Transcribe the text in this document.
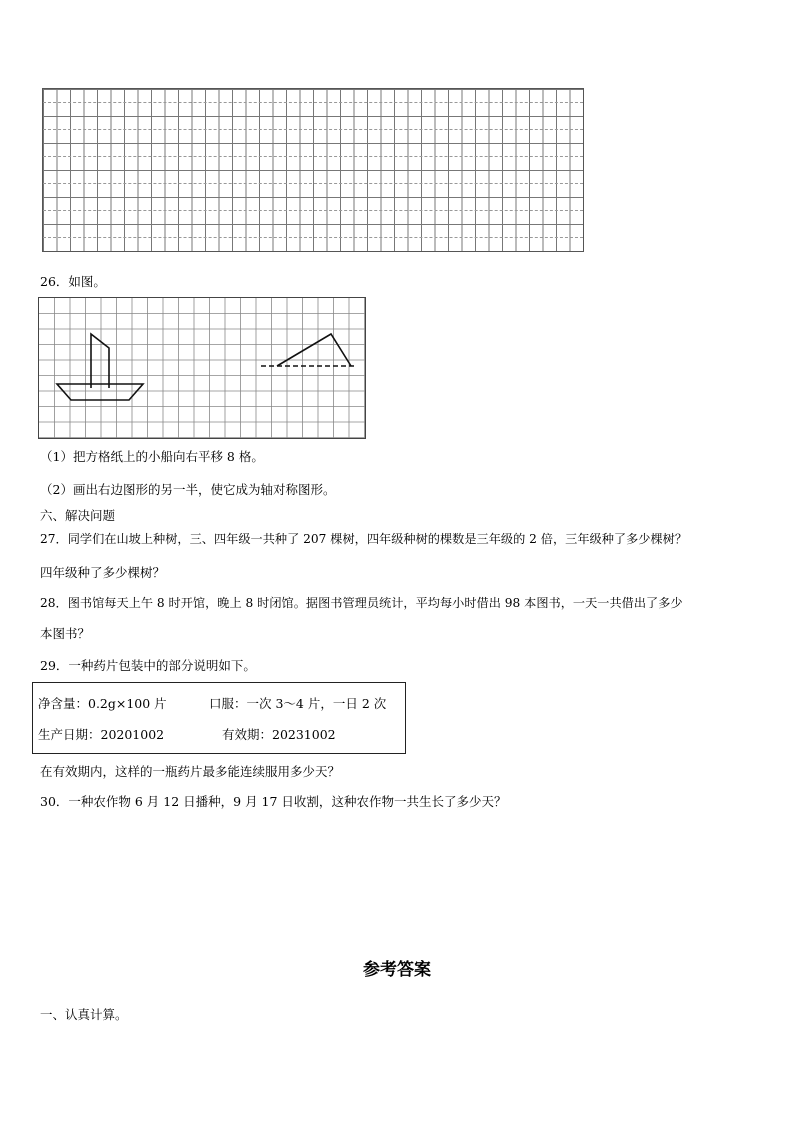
26．如图。
（1）把方格纸上的小船向右平移 8 格。
（2）画出右边图形的另一半，使它成为轴对称图形。
六、解决问题
27．同学们在山坡上种树，三、四年级一共种了 207 棵树，四年级种树的棵数是三年级的 2 倍，三年级种了多少棵树？
四年级种了多少棵树？
28．图书馆每天上午 8 时开馆，晚上 8 时闭馆。据图书管理员统计，平均每小时借出 98 本图书，一天一共借出了多少
本图书？
29．一种药片包装中的部分说明如下。
净含量：0.2g×100 片	口服：一次 3～4 片，一日 2 次
生产日期：20201002	有效期：20231002
在有效期内，这样的一瓶药片最多能连续服用多少天？
30．一种农作物 6 月 12 日播种，9 月 17 日收割，这种农作物一共生长了多少天？
参考答案
一、认真计算。
